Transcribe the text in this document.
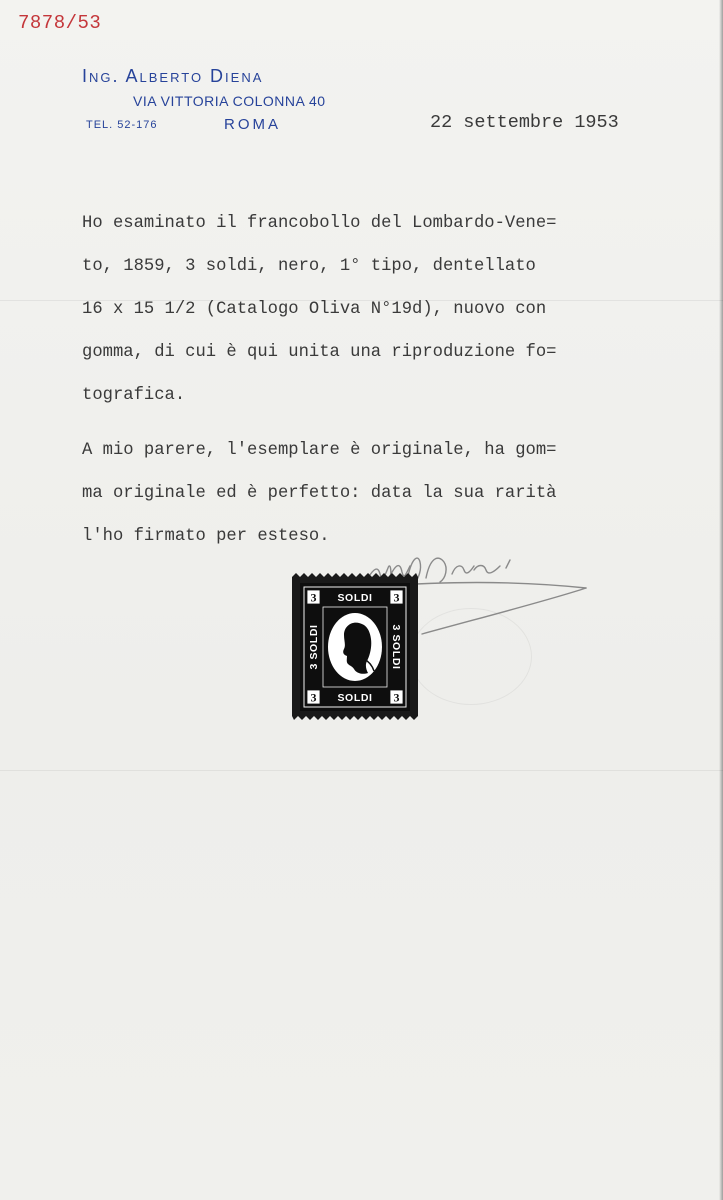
7878/53
Ing. Alberto Diena
VIA VITTORIA COLONNA 40
TEL. 52-176	ROMA	22 settembre 1953
Ho esaminato il francobollo del Lombardo-Vene=
to, 1859, 3 soldi, nero, 1° tipo, dentellato
16 x 15 1/2 (Catalogo Oliva N°19d), nuovo con
gomma, di cui è qui unita una riproduzione fo=
tografica.
A mio parere, l'esemplare è originale, ha gom=
ma originale ed è perfetto: data la sua rarità
l'ho firmato per esteso.
3	3
3	3
SOLDI
SOLDI
3 SOLDI	3 SOLDI
